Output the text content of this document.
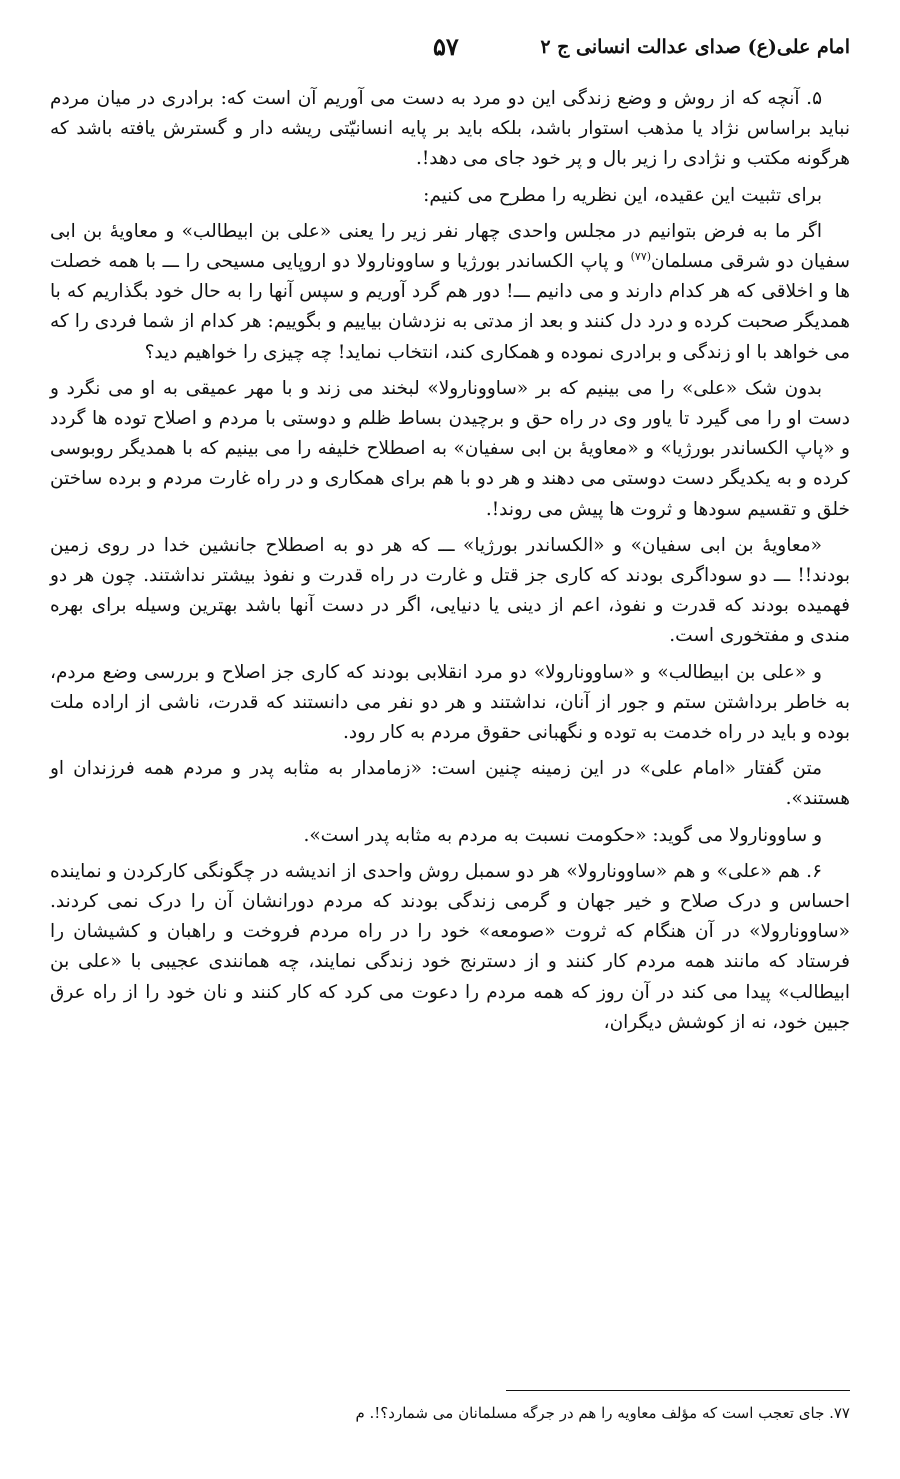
امام علی(ع) صدای عدالت انسانی ج ۲
۵۷

۵. آنچه که از روش و وضع زندگی این دو مرد به دست می آوریم آن است که: برادری در میان مردم نباید براساس نژاد یا مذهب استوار باشد، بلکه باید بر پایه انسانیّتی ریشه دار و گسترش یافته باشد که هرگونه مکتب و نژادی را زیر بال و پر خود جای می دهد!.

برای تثبیت این عقیده، این نظریه را مطرح می کنیم:

اگر ما به فرض بتوانیم در مجلس واحدی چهار نفر زیر را یعنی «علی بن ابیطالب» و معاویهٔ بن ابی سفیان دو شرقی مسلمان$^{(۷۷)}$ و پاپ الکساندر بورژیا و ساوونارولا دو اروپایی مسیحی را ـــ با همه خصلت ها و اخلاقی که هر کدام دارند و می دانیم ـــ! دور هم گرد آوریم و سپس آنها را به حال خود بگذاریم که با همدیگر صحبت کرده و درد دل کنند و بعد از مدتی به نزدشان بیاییم و بگوییم: هر کدام از شما فردی را که می خواهد با او زندگی و برادری نموده و همکاری کند، انتخاب نماید! چه چیزی را خواهیم دید؟

بدون شک «علی» را می بینیم که بر «ساوونارولا» لبخند می زند و با مهر عمیقی به او می نگرد و دست او را می گیرد تا یاور وی در راه حق و برچیدن بساط ظلم و دوستی با مردم و اصلاح توده ها گردد و «پاپ الکساندر بورژیا» و «معاویهٔ بن ابی سفیان» به اصطلاح خلیفه را می بینیم که با همدیگر روبوسی کرده و به یکدیگر دست دوستی می دهند و هر دو با هم برای همکاری و در راه غارت مردم و برده ساختن خلق و تقسیم سودها و ثروت ها پیش می روند!.

«معاویهٔ بن ابی سفیان» و «الکساندر بورژیا» ـــ که هر دو به اصطلاح جانشین خدا در روی زمین بودند!! ـــ دو سوداگری بودند که کاری جز قتل و غارت در راه قدرت و نفوذ بیشتر نداشتند. چون هر دو فهمیده بودند که قدرت و نفوذ، اعم از دینی یا دنیایی، اگر در دست آنها باشد بهترین وسیله برای بهره مندی و مفتخوری است.

و «علی بن ابیطالب» و «ساوونارولا» دو مرد انقلابی بودند که کاری جز اصلاح و بررسی وضع مردم، به خاطر برداشتن ستم و جور از آنان، نداشتند و هر دو نفر می دانستند که قدرت، ناشی از اراده ملت بوده و باید در راه خدمت به توده و نگهبانی حقوق مردم به کار رود.

متن گفتار «امام علی» در این زمینه چنین است: «زمامدار به مثابه پدر و مردم همه فرزندان او هستند».

و ساوونارولا می گوید: «حکومت نسبت به مردم به مثابه پدر است».

۶. هم «علی» و هم «ساوونارولا» هر دو سمبل روش واحدی از اندیشه در چگونگی کارکردن و نماینده احساس و درک صلاح و خیر جهان و گرمی زندگی بودند که مردم دورانشان آن را درک نمی کردند. «ساوونارولا» در آن هنگام که ثروت «صومعه» خود را در راه مردم فروخت و راهبان و کشیشان را فرستاد که مانند همه مردم کار کنند و از دسترنج خود زندگی نمایند، چه همانندی عجیبی با «علی بن ابیطالب» پیدا می کند در آن روز که همه مردم را دعوت می کرد که کار کنند و نان خود را از راه عرق جبین خود، نه از کوشش دیگران،

۷۷. جای تعجب است که مؤلف معاویه را هم در جرگه مسلمانان می شمارد؟!. م
